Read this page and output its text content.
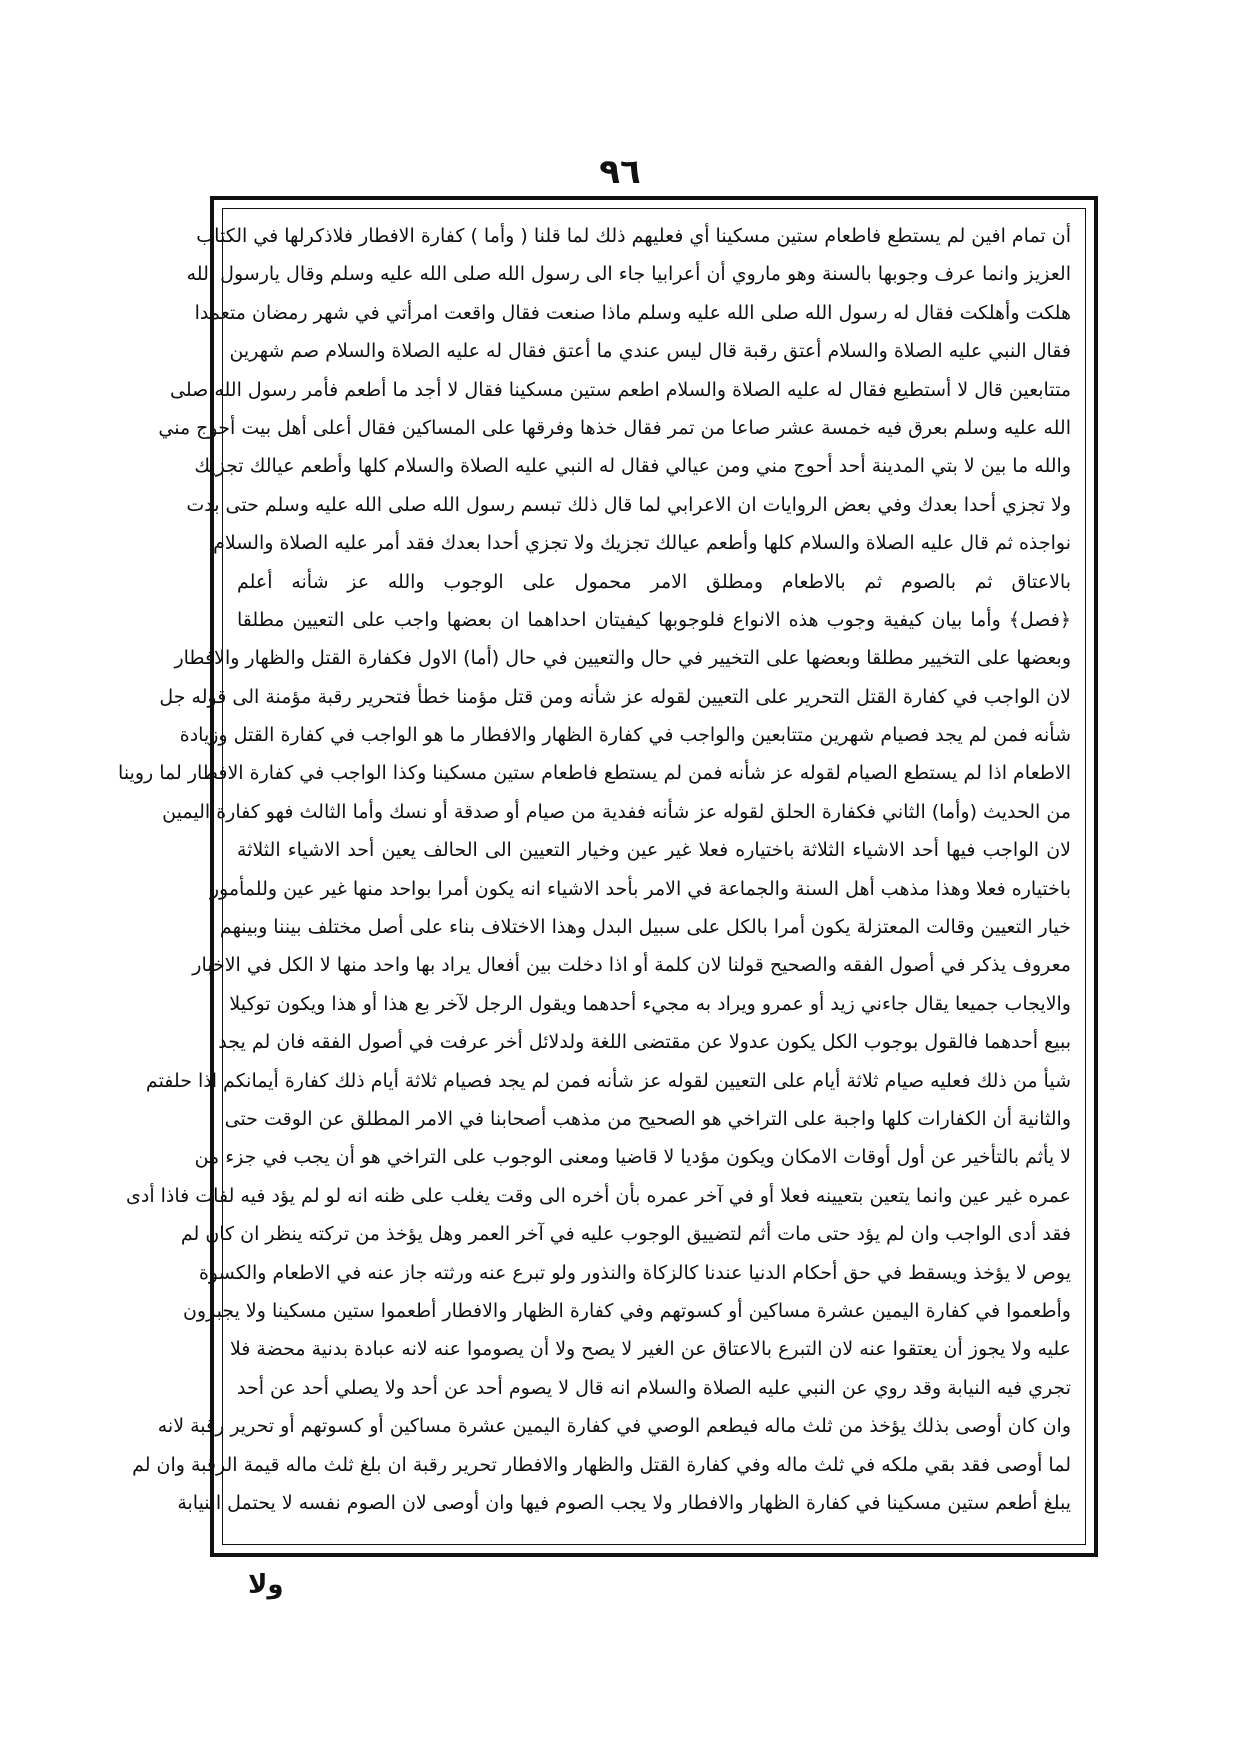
٩٦
أن تمام افين لم يستطع فاطعام ستين مسكينا أي فعليهم ذلك لما قلنا ( وأما ) كفارة الافطار فلاذكرلها في الكتاب
العزيز وانما عرف وجوبها بالسنة وهو ماروي أن أعرابيا جاء الى رسول الله صلى الله عليه وسلم وقال يارسول الله
هلكت وأهلكت فقال له رسول الله صلى الله عليه وسلم ماذا صنعت فقال واقعت امرأتي في شهر رمضان متعمدا
فقال النبي عليه الصلاة والسلام أعتق رقبة قال ليس عندي ما أعتق فقال له عليه الصلاة والسلام صم شهرين
متتابعين قال لا أستطيع فقال له عليه الصلاة والسلام اطعم ستين مسكينا فقال لا أجد ما أطعم فأمر رسول الله صلى
الله عليه وسلم بعرق فيه خمسة عشر صاعا من تمر فقال خذها وفرقها على المساكين فقال أعلى أهل بيت أحوج مني
والله ما بين لا بتي المدينة أحد أحوج مني ومن عيالي فقال له النبي عليه الصلاة والسلام كلها وأطعم عيالك تجزيك
ولا تجزي أحدا بعدك وفي بعض الروايات ان الاعرابي لما قال ذلك تبسم رسول الله صلى الله عليه وسلم حتى بدت
نواجذه ثم قال عليه الصلاة والسلام كلها وأطعم عيالك تجزيك ولا تجزي أحدا بعدك فقد أمر عليه الصلاة والسلام
بالاعتاق ثم بالصوم ثم بالاطعام ومطلق الامر محمول على الوجوب والله عز شأنه أعلم
﴿فصل﴾ وأما بيان كيفية وجوب هذه الانواع فلوجوبها كيفيتان احداهما ان بعضها واجب على التعيين مطلقا
وبعضها على التخيير مطلقا وبعضها على التخيير في حال والتعيين في حال (أما) الاول فكفارة القتل والظهار والافطار
لان الواجب في كفارة القتل التحرير على التعيين لقوله عز شأنه ومن قتل مؤمنا خطأ فتحرير رقبة مؤمنة الى قوله جل
شأنه فمن لم يجد فصيام شهرين متتابعين والواجب في كفارة الظهار والافطار ما هو الواجب في كفارة القتل وزيادة
الاطعام اذا لم يستطع الصيام لقوله عز شأنه فمن لم يستطع فاطعام ستين مسكينا وكذا الواجب في كفارة الافطار لما روينا
من الحديث (وأما) الثاني فكفارة الحلق لقوله عز شأنه ففدية من صيام أو صدقة أو نسك وأما الثالث فهو كفارة اليمين
لان الواجب فيها أحد الاشياء الثلاثة باختياره فعلا غير عين وخيار التعيين الى الحالف يعين أحد الاشياء الثلاثة
باختياره فعلا وهذا مذهب أهل السنة والجماعة في الامر بأحد الاشياء انه يكون أمرا بواحد منها غير عين وللمأمور
خيار التعيين وقالت المعتزلة يكون أمرا بالكل على سبيل البدل وهذا الاختلاف بناء على أصل مختلف بيننا وبينهم
معروف يذكر في أصول الفقه والصحيح قولنا لان كلمة أو اذا دخلت بين أفعال يراد بها واحد منها لا الكل في الاخبار
والايجاب جميعا يقال جاءني زيد أو عمرو ويراد به مجيء أحدهما ويقول الرجل لآخر بع هذا أو هذا ويكون توكيلا
ببيع أحدهما فالقول بوجوب الكل يكون عدولا عن مقتضى اللغة ولدلائل أخر عرفت في أصول الفقه فان لم يجد
شيأ من ذلك فعليه صيام ثلاثة أيام على التعيين لقوله عز شأنه فمن لم يجد فصيام ثلاثة أيام ذلك كفارة أيمانكم اذا حلفتم
والثانية أن الكفارات كلها واجبة على التراخي هو الصحيح من مذهب أصحابنا في الامر المطلق عن الوقت حتى
لا يأثم بالتأخير عن أول أوقات الامكان ويكون مؤديا لا قاضيا ومعنى الوجوب على التراخي هو أن يجب في جزء من
عمره غير عين وانما يتعين بتعيينه فعلا أو في آخر عمره بأن أخره الى وقت يغلب على ظنه انه لو لم يؤد فيه لفات فاذا أدى
فقد أدى الواجب وان لم يؤد حتى مات أثم لتضييق الوجوب عليه في آخر العمر وهل يؤخذ من تركته ينظر ان كان لم
يوص لا يؤخذ ويسقط في حق أحكام الدنيا عندنا كالزكاة والنذور ولو تبرع عنه ورثته جاز عنه في الاطعام والكسوة
وأطعموا في كفارة اليمين عشرة مساكين أو كسوتهم وفي كفارة الظهار والافطار أطعموا ستين مسكينا ولا يجبرون
عليه ولا يجوز أن يعتقوا عنه لان التبرع بالاعتاق عن الغير لا يصح ولا أن يصوموا عنه لانه عبادة بدنية محضة فلا
تجري فيه النيابة وقد روي عن النبي عليه الصلاة والسلام انه قال لا يصوم أحد عن أحد ولا يصلي أحد عن أحد
وان كان أوصى بذلك يؤخذ من ثلث ماله فيطعم الوصي في كفارة اليمين عشرة مساكين أو كسوتهم أو تحرير رقبة لانه
لما أوصى فقد بقي ملكه في ثلث ماله وفي كفارة القتل والظهار والافطار تحرير رقبة ان بلغ ثلث ماله قيمة الرقبة وان لم
يبلغ أطعم ستين مسكينا في كفارة الظهار والافطار ولا يجب الصوم فيها وان أوصى لان الصوم نفسه لا يحتمل النيابة
ولا
